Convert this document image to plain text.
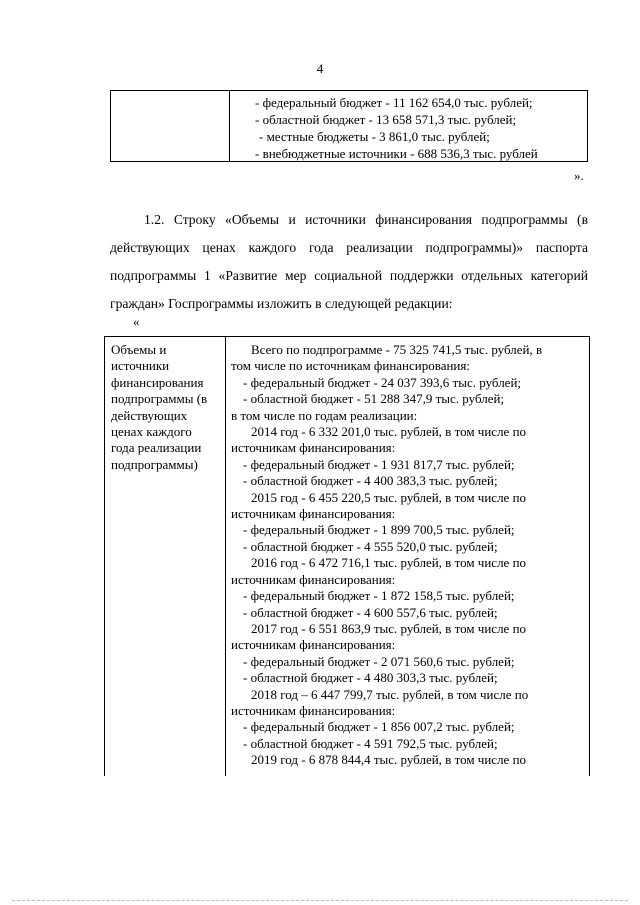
4
- федеральный бюджет - 11 162 654,0 тыс. рублей;
- областной бюджет - 13 658 571,3 тыс. рублей;
- местные бюджеты - 3 861,0 тыс. рублей;
- внебюджетные источники - 688 536,3 тыс. рублей
».
1.2. Строку «Объемы и источники финансирования подпрограммы (в
действующих ценах каждого года реализации подпрограммы)» паспорта
подпрограммы 1 «Развитие мер социальной поддержки отдельных категорий
граждан» Госпрограммы изложить в следующей редакции:
«
Объемы и
источники
финансирования
подпрограммы (в
действующих
ценах каждого
года реализации
подпрограммы)
Всего по подпрограмме - 75 325 741,5 тыс. рублей, в
том числе по источникам финансирования:
- федеральный бюджет - 24 037 393,6 тыс. рублей;
- областной бюджет - 51 288 347,9 тыс. рублей;
в том числе по годам реализации:
2014 год - 6 332 201,0 тыс. рублей, в том числе по
источникам финансирования:
- федеральный бюджет - 1 931 817,7 тыс. рублей;
- областной бюджет - 4 400 383,3 тыс. рублей;
2015 год - 6 455 220,5 тыс. рублей, в том числе по
источникам финансирования:
- федеральный бюджет - 1 899 700,5 тыс. рублей;
- областной бюджет - 4 555 520,0 тыс. рублей;
2016 год - 6 472 716,1 тыс. рублей, в том числе по
источникам финансирования:
- федеральный бюджет - 1 872 158,5 тыс. рублей;
- областной бюджет - 4 600 557,6 тыс. рублей;
2017 год - 6 551 863,9 тыс. рублей, в том числе по
источникам финансирования:
- федеральный бюджет - 2 071 560,6 тыс. рублей;
- областной бюджет - 4 480 303,3 тыс. рублей;
2018 год – 6 447 799,7 тыс. рублей, в том числе по
источникам финансирования:
- федеральный бюджет - 1 856 007,2 тыс. рублей;
- областной бюджет - 4 591 792,5 тыс. рублей;
2019 год - 6 878 844,4 тыс. рублей, в том числе по
